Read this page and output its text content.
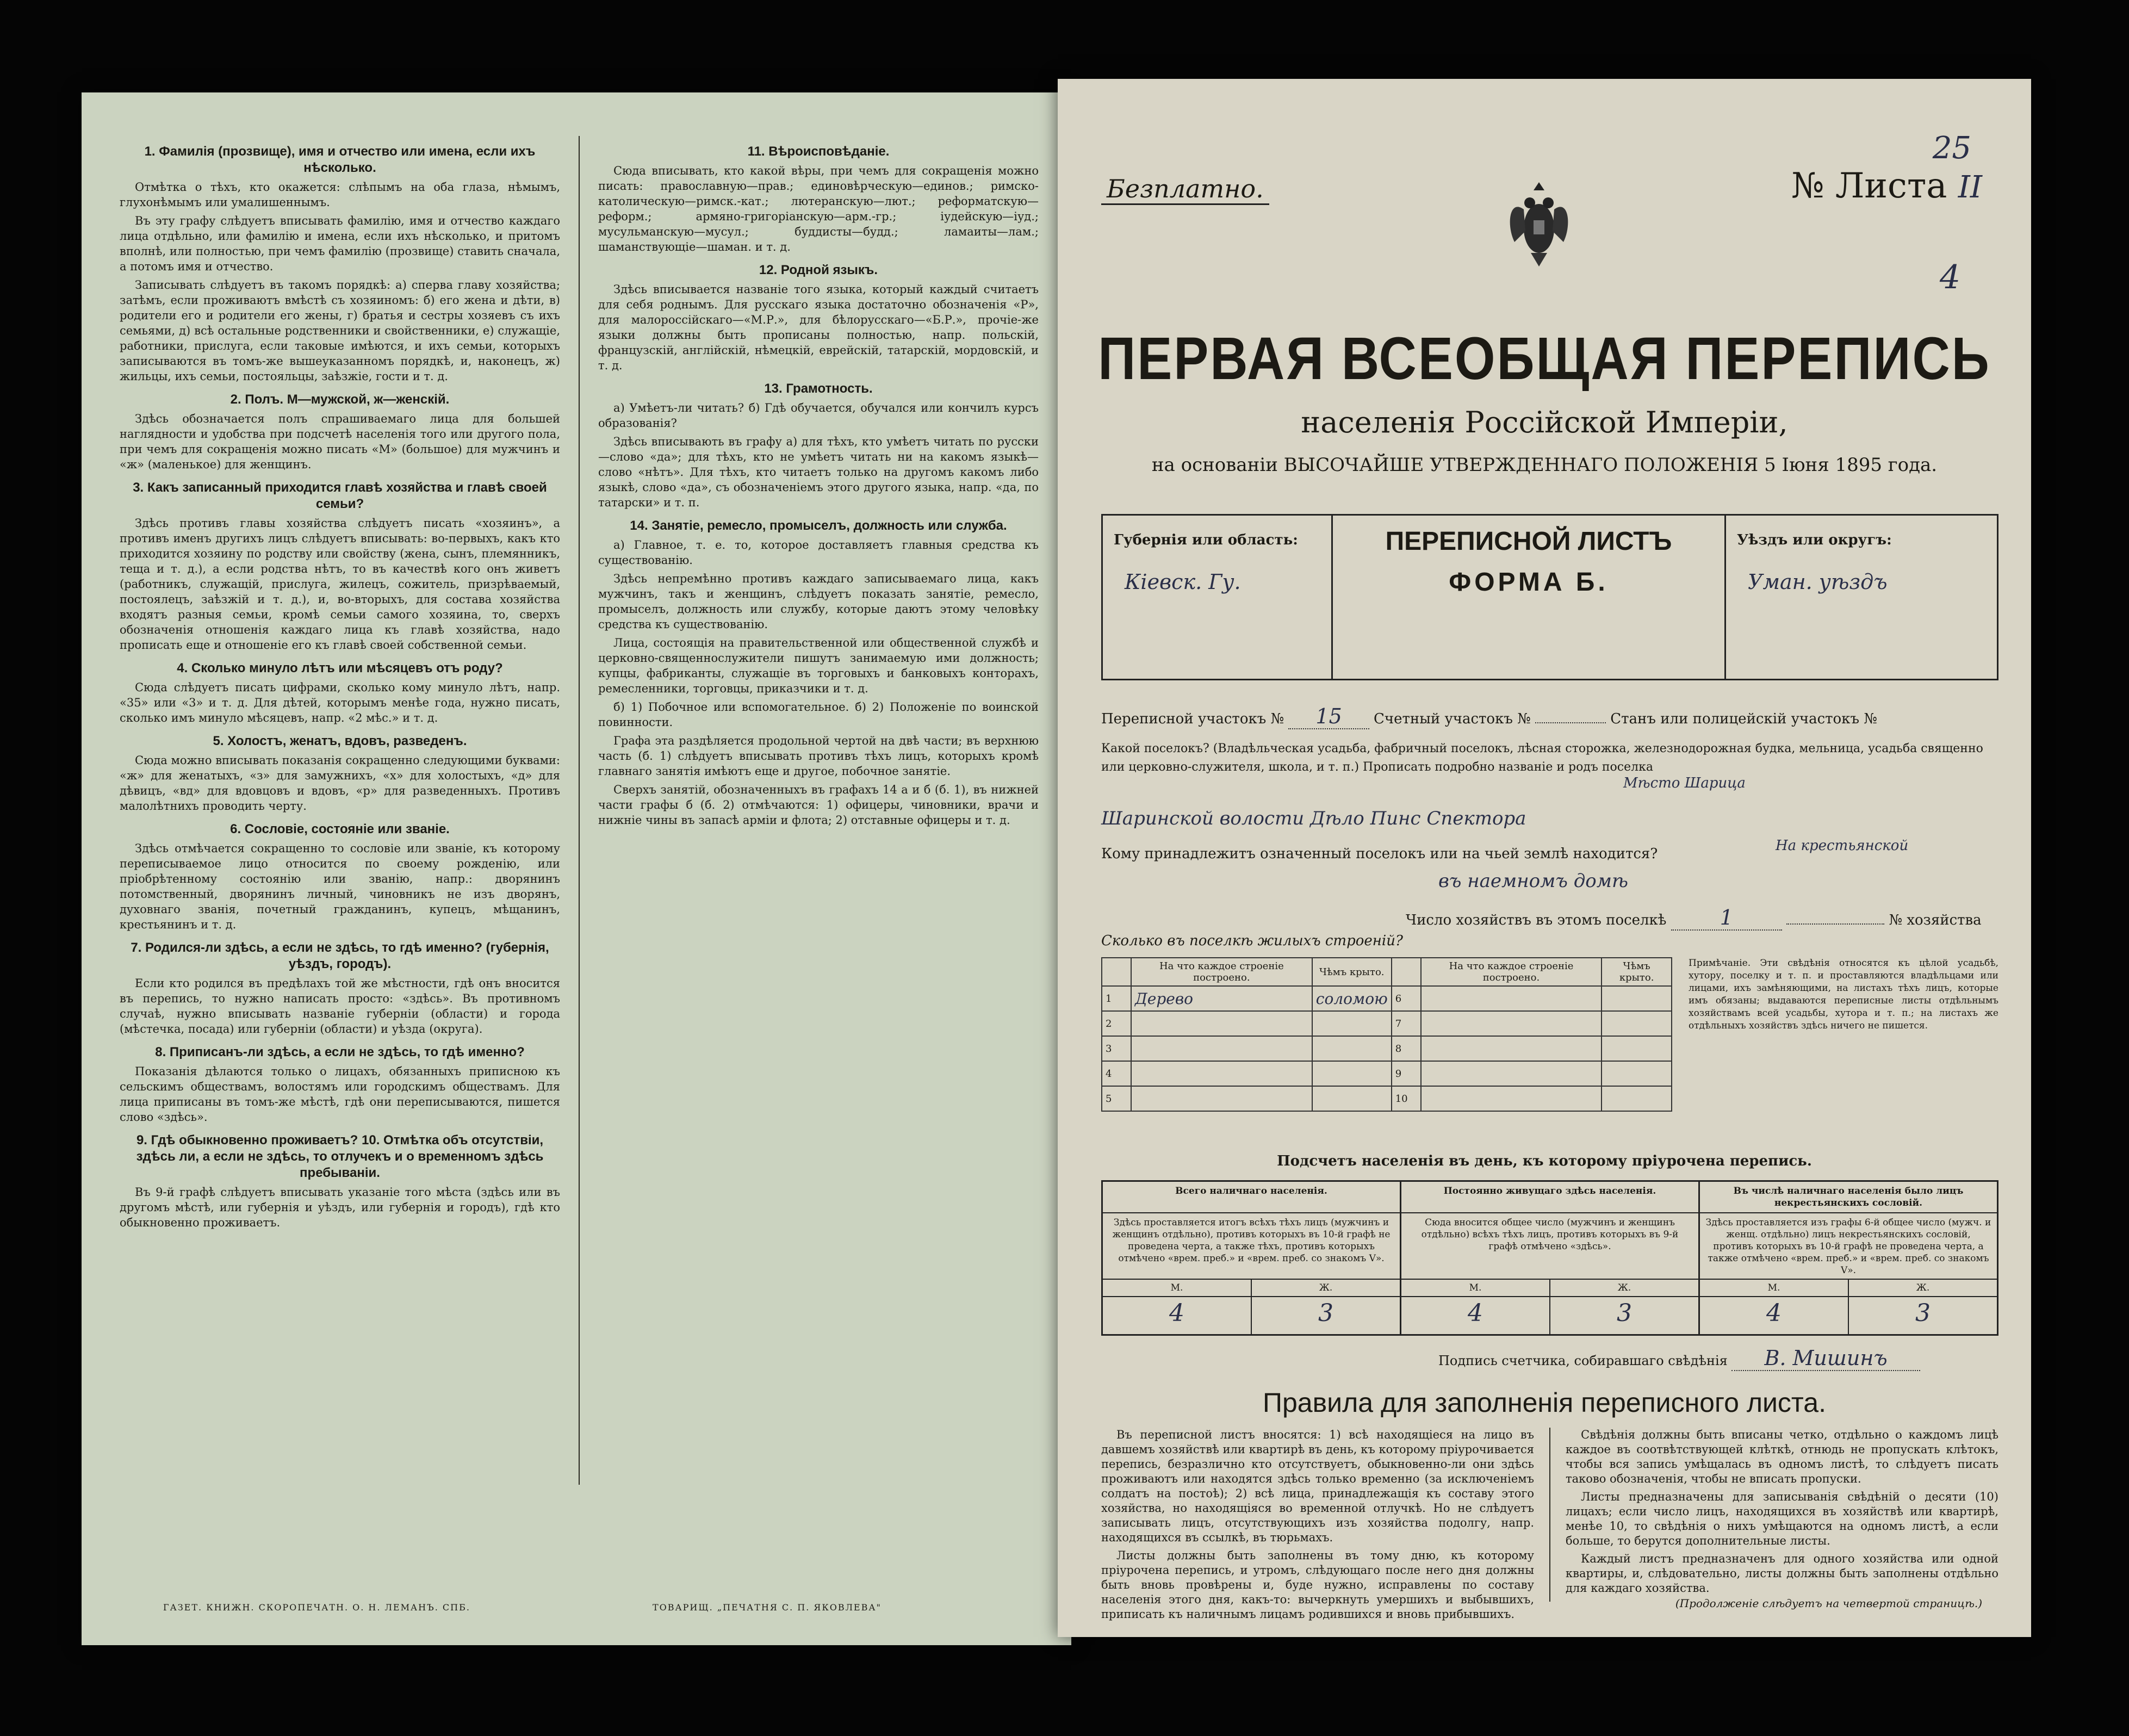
1. Фамилія (прозвище), имя и отчество или имена, если ихъ нѣсколько.

Отмѣтка о тѣхъ, кто окажется: слѣпымъ на оба глаза, нѣмымъ, глухонѣмымъ или умалишеннымъ.

Въ эту графу слѣдуетъ вписывать фамилію, имя и отчество каждаго лица отдѣльно, или фамилію и имена, если ихъ нѣсколько, и притомъ вполнѣ, или полностью, при чемъ фамилію (прозвище) ставить сначала, а потомъ имя и отчество.

Записывать слѣдуетъ въ такомъ порядкѣ: а) сперва главу хозяйства; затѣмъ, если проживаютъ вмѣстѣ съ хозяиномъ: б) его жена и дѣти, в) родители его и родители его жены, г) братья и сестры хозяевъ съ ихъ семьями, д) всѣ остальные родственники и свойственники, е) служащіе, работники, прислуга, если таковые имѣются, и ихъ семьи, которыхъ записываются въ томъ-же вышеуказанномъ порядкѣ, и, наконецъ, ж) жильцы, ихъ семьи, постояльцы, заѣзжіе, гости и т. д.

2. Полъ. М—мужской, ж—женскій.

Здѣсь обозначается полъ спрашиваемаго лица для большей наглядности и удобства при подсчетѣ населенія того или другого пола, при чемъ для сокращенія можно писать «М» (большое) для мужчинъ и «ж» (маленькое) для женщинъ.

3. Какъ записанный приходится главѣ хозяйства и главѣ своей семьи?

Здѣсь противъ главы хозяйства слѣдуетъ писать «хозяинъ», а противъ именъ другихъ лицъ слѣдуетъ вписывать: во-первыхъ, какъ кто приходится хозяину по родству или свойству (жена, сынъ, племянникъ, теща и т. д.), а если родства нѣтъ, то въ качествѣ кого онъ живетъ (работникъ, служащій, прислуга, жилецъ, сожитель, призрѣваемый, постоялецъ, заѣзжій и т. д.), и, во-вторыхъ, для состава хозяйства входятъ разныя семьи, кромѣ семьи самого хозяина, то, сверхъ обозначенія отношенія каждаго лица къ главѣ хозяйства, надо прописать еще и отношеніе его къ главѣ своей собственной семьи.

4. Сколько минуло лѣтъ или мѣсяцевъ отъ роду?

Сюда слѣдуетъ писать цифрами, сколько кому минуло лѣтъ, напр. «35» или «3» и т. д. Для дѣтей, которымъ менѣе года, нужно писать, сколько имъ минуло мѣсяцевъ, напр. «2 мѣс.» и т. д.

5. Холостъ, женатъ, вдовъ, разведенъ.

Сюда можно вписывать показанія сокращенно следующими буквами: «ж» для женатыхъ, «з» для замужнихъ, «х» для холостыхъ, «д» для дѣвицъ, «вд» для вдовцовъ и вдовъ, «р» для разведенныхъ. Противъ малолѣтнихъ проводить черту.

6. Сословіе, состояніе или званіе.

Здѣсь отмѣчается сокращенно то сословіе или званіе, къ которому переписываемое лицо относится по своему рожденію, или пріобрѣтенному состоянію или званію, напр.: дворянинъ потомственный, дворянинъ личный, чиновникъ не изъ дворянъ, духовнаго званія, почетный гражданинъ, купецъ, мѣщанинъ, крестьянинъ и т. д.

7. Родился-ли здѣсь, а если не здѣсь, то гдѣ именно? (губернія, уѣздъ, городъ).

Если кто родился въ предѣлахъ той же мѣстности, гдѣ онъ вносится въ перепись, то нужно написать просто: «здѣсь». Въ противномъ случаѣ, нужно вписывать названіе губерніи (области) и города (мѣстечка, посада) или губерніи (области) и уѣзда (округа).

8. Приписанъ-ли здѣсь, а если не здѣсь, то гдѣ именно?

Показанія дѣлаются только о лицахъ, обязанныхъ приписною къ сельскимъ обществамъ, волостямъ или городскимъ обществамъ. Для лица приписаны въ томъ-же мѣстѣ, гдѣ они переписываются, пишется слово «здѣсь».

9. Гдѣ обыкновенно проживаетъ? 10. Отмѣтка объ отсутствіи, здѣсь ли, а если не здѣсь, то отлучекъ и о временномъ здѣсь пребываніи.

Въ 9-й графѣ слѣдуетъ вписывать указаніе того мѣста (здѣсь или въ другомъ мѣстѣ, или губернія и уѣздъ, или губернія и городъ), гдѣ кто обыкновенно проживаетъ.

11. Вѣроисповѣданіе.

Сюда вписывать, кто какой вѣры, при чемъ для сокращенія можно писать: православную—прав.; единовѣрческую—единов.; римско-католическую—римск.-кат.; лютеранскую—лют.; реформатскую—реформ.; армяно-григоріанскую—арм.-гр.; іудейскую—іуд.; мусульманскую—мусул.; буддисты—будд.; ламаиты—лам.; шаманствующіе—шаман. и т. д.

12. Родной языкъ.

Здѣсь вписывается названіе того языка, который каждый считаетъ для себя роднымъ. Для русскаго языка достаточно обозначенія «Р», для малороссійскаго—«М.Р.», для бѣлорусскаго—«Б.Р.», прочіе-же языки должны быть прописаны полностью, напр. польскій, французскій, англійскій, нѣмецкій, еврейскій, татарскій, мордовскій, и т. д.

13. Грамотность.

а) Умѣетъ-ли читать? б) Гдѣ обучается, обучался или кончилъ курсъ образованія?

Здѣсь вписывають въ графу а) для тѣхъ, кто умѣетъ читать по русски—слово «да»; для тѣхъ, кто не умѣетъ читать ни на какомъ языкѣ—слово «нѣтъ». Для тѣхъ, кто читаетъ только на другомъ какомъ либо языкѣ, слово «да», съ обозначеніемъ этого другого языка, напр. «да, по татарски» и т. п.

14. Занятіе, ремесло, промыселъ, должность или служба.

а) Главное, т. е. то, которое доставляетъ главныя средства къ существованію.

Здѣсь непремѣнно противъ каждаго записываемаго лица, какъ мужчинъ, такъ и женщинъ, слѣдуетъ показать занятіе, ремесло, промыселъ, должность или службу, которые даютъ этому человѣку средства къ существованію.

Лица, состоящія на правительственной или общественной службѣ и церковно-священнослужители пишутъ занимаемую ими должность; купцы, фабриканты, служащіе въ торговыхъ и банковыхъ конторахъ, ремесленники, торговцы, приказчики и т. д.

б) 1) Побочное или вспомогательное. б) 2) Положеніе по воинской повинности.

Графа эта раздѣляется продольной чертой на двѣ части; въ верхнюю часть (б. 1) слѣдуетъ вписывать противъ тѣхъ лицъ, которыхъ кромѣ главнаго занятія имѣютъ еще и другое, побочное занятіе.

Сверхъ занятій, обозначенныхъ въ графахъ 14 а и б (б. 1), въ нижней части графы б (б. 2) отмѣчаются: 1) офицеры, чиновники, врачи и нижніе чины въ запасѣ армiи и флота; 2) отставные офицеры и т. д.

ГАЗЕТ. КНИЖН. СКОРОПЕЧАТН. О. Н. ЛЕМАНЪ. СПБ.	ТОВАРИЩ. „ПЕЧАТНЯ С. П. ЯКОВЛЕВА"
25
Безплатно.	№ Листа II
4
ПЕРВАЯ ВСЕОБЩАЯ ПЕРЕПИСЬ
населенія Россійской Имперіи,
на основаніи ВЫСОЧАЙШЕ УТВЕРЖДЕННАГО ПОЛОЖЕНІЯ 5 Іюня 1895 года.
Губернія или область:
Кіевск. Гу.
ПЕРЕПИСНОЙ ЛИСТЪ
ФОРМА Б.
Уѣздъ или округъ:
Уман. уѣздъ
Переписной участокъ № 15 Счетный участокъ №	Станъ или полицейскій участокъ №
Какой поселокъ? (Владѣльческая усадьба, фабричный поселокъ, лѣсная сторожка, железнодорожная будка, мельница, усадьба священно или церковно-служителя, школа, и т. п.) Прописать подробно названіе и родъ поселка
Мѣсто Шарица
Шаринской волости Дѣло Пинс Спектора
Кому принадлежитъ означенный поселокъ или на чьей землѣ находится?	На крестьянской
въ наемномъ домѣ
Число хозяйствъ въ этомъ поселкѣ	1	№ хозяйства
Сколько въ поселкѣ жилыхъ строеній?
	На что каждое строеніе построено.	Чѣмъ крыто.		На что каждое строеніе построено.	Чѣмъ крыто.
1	Дерево	соломою	6		
2			7		
3			8		
4			9		
5			10		
Примѣчаніе. Эти свѣдѣнія относятся къ цѣлой усадьбѣ, хутору, поселку и т. п. и проставляются владѣльцами или лицами, ихъ замѣняющими, на листахъ тѣхъ лицъ, которые имъ обязаны; выдаваются переписные листы отдѣльнымъ хозяйствамъ всей усадьбы, хутора и т. п.; на листахъ же отдѣльныхъ хозяйствъ здѣсь ничего не пишется.
Подсчетъ населенія въ день, къ которому пріурочена перепись.
Всего наличнаго населенія.
Здѣсь проставляется итогъ всѣхъ тѣхъ лицъ (мужчинъ и женщинъ отдѣльно), противъ которыхъ въ 10-й графѣ не проведена черта, а также тѣхъ, противъ которыхъ отмѣчено «врем. преб.» и «врем. преб. со знакомъ V».
М.	Ж.
4	3
Постоянно живущаго здѣсь населенія.
Сюда вносится общее число (мужчинъ и женщинъ отдѣльно) всѣхъ тѣхъ лицъ, противъ которыхъ въ 9-й графѣ отмѣчено «здѣсь».
М.	Ж.
4	3
Въ числѣ наличнаго населенія было лицъ некрестьянскихъ сословій.
Здѣсь проставляется изъ графы 6-й общее число (мужч. и женщ. отдѣльно) лицъ некрестьянскихъ сословій, противъ которыхъ въ 10-й графѣ не проведена черта, а также отмѣчено «врем. преб.» и «врем. преб. со знакомъ V».
М.	Ж.
4	3
Подпись счетчика, собиравшаго свѣдѣнія В. Мишинъ
Правила для заполненія переписного листа.

Въ переписной листъ вносятся: 1) всѣ находящіеся на лицо въ давшемъ хозяйствѣ или квартирѣ въ день, къ которому пріурочивается перепись, безразлично кто отсутствуетъ, обыкновенно-ли они здѣсь проживаютъ или находятся здѣсь только временно (за исключеніемъ солдатъ на постоѣ); 2) всѣ лица, принадлежащія къ составу этого хозяйства, но находящіяся во временной отлучкѣ. Но не слѣдуетъ записывать лицъ, отсутствующихъ изъ хозяйства подолгу, напр. находящихся въ ссылкѣ, въ тюрьмахъ.

Листы должны быть заполнены въ тому дню, къ которому пріурочена перепись, и утромъ, слѣдующаго после него дня должны быть вновь провѣрены и, буде нужно, исправлены по составу населенія этого дня, какъ-то: вычеркнуть умершихъ и выбывшихъ, приписать къ наличнымъ лицамъ родившихся и вновь прибывшихъ.

Свѣдѣнія должны быть вписаны четко, отдѣльно о каждомъ лицѣ каждое въ соотвѣтствующей клѣткѣ, отнюдь не пропускать клѣтокъ, чтобы вся запись умѣщалась въ одномъ листѣ, то слѣдуетъ писать таково обозначенія, чтобы не вписать пропуски.

Листы предназначены для записыванія свѣдѣній о десяти (10) лицахъ; если число лицъ, находящихся въ хозяйствѣ или квартирѣ, менѣе 10, то свѣдѣнія о нихъ умѣщаются на одномъ листѣ, а если больше, то берутся дополнительные листы.

Каждый листъ предназначенъ для одного хозяйства или одной квартиры, и, слѣдовательно, листы должны быть заполнены отдѣльно для каждаго хозяйства.

(Продолженіе слѣдуетъ на четвертой страницѣ.)
